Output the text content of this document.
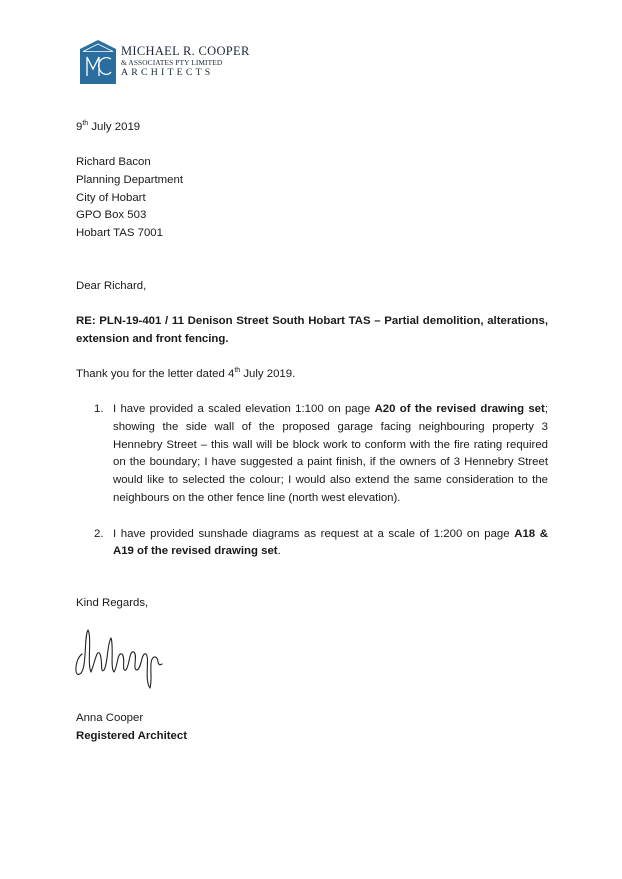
MC
MICHAEL R. COOPER
& ASSOCIATES PTY LIMITED
ARCHITECTS

9th July 2019

Richard Bacon
Planning Department
City of Hobart
GPO Box 503
Hobart TAS 7001

Dear Richard,

RE: PLN-19-401 / 11 Denison Street South Hobart TAS – Partial demolition, alterations, extension and front fencing.

Thank you for the letter dated 4th July 2019.

1. I have provided a scaled elevation 1:100 on page A20 of the revised drawing set; showing the side wall of the proposed garage facing neighbouring property 3 Hennebry Street – this wall will be block work to conform with the fire rating required on the boundary; I have suggested a paint finish, if the owners of 3 Hennebry Street would like to selected the colour; I would also extend the same consideration to the neighbours on the other fence line (north west elevation).
2. I have provided sunshade diagrams as request at a scale of 1:200 on page A18 & A19 of the revised drawing set.

Kind Regards,

Anna Cooper

Registered Architect
